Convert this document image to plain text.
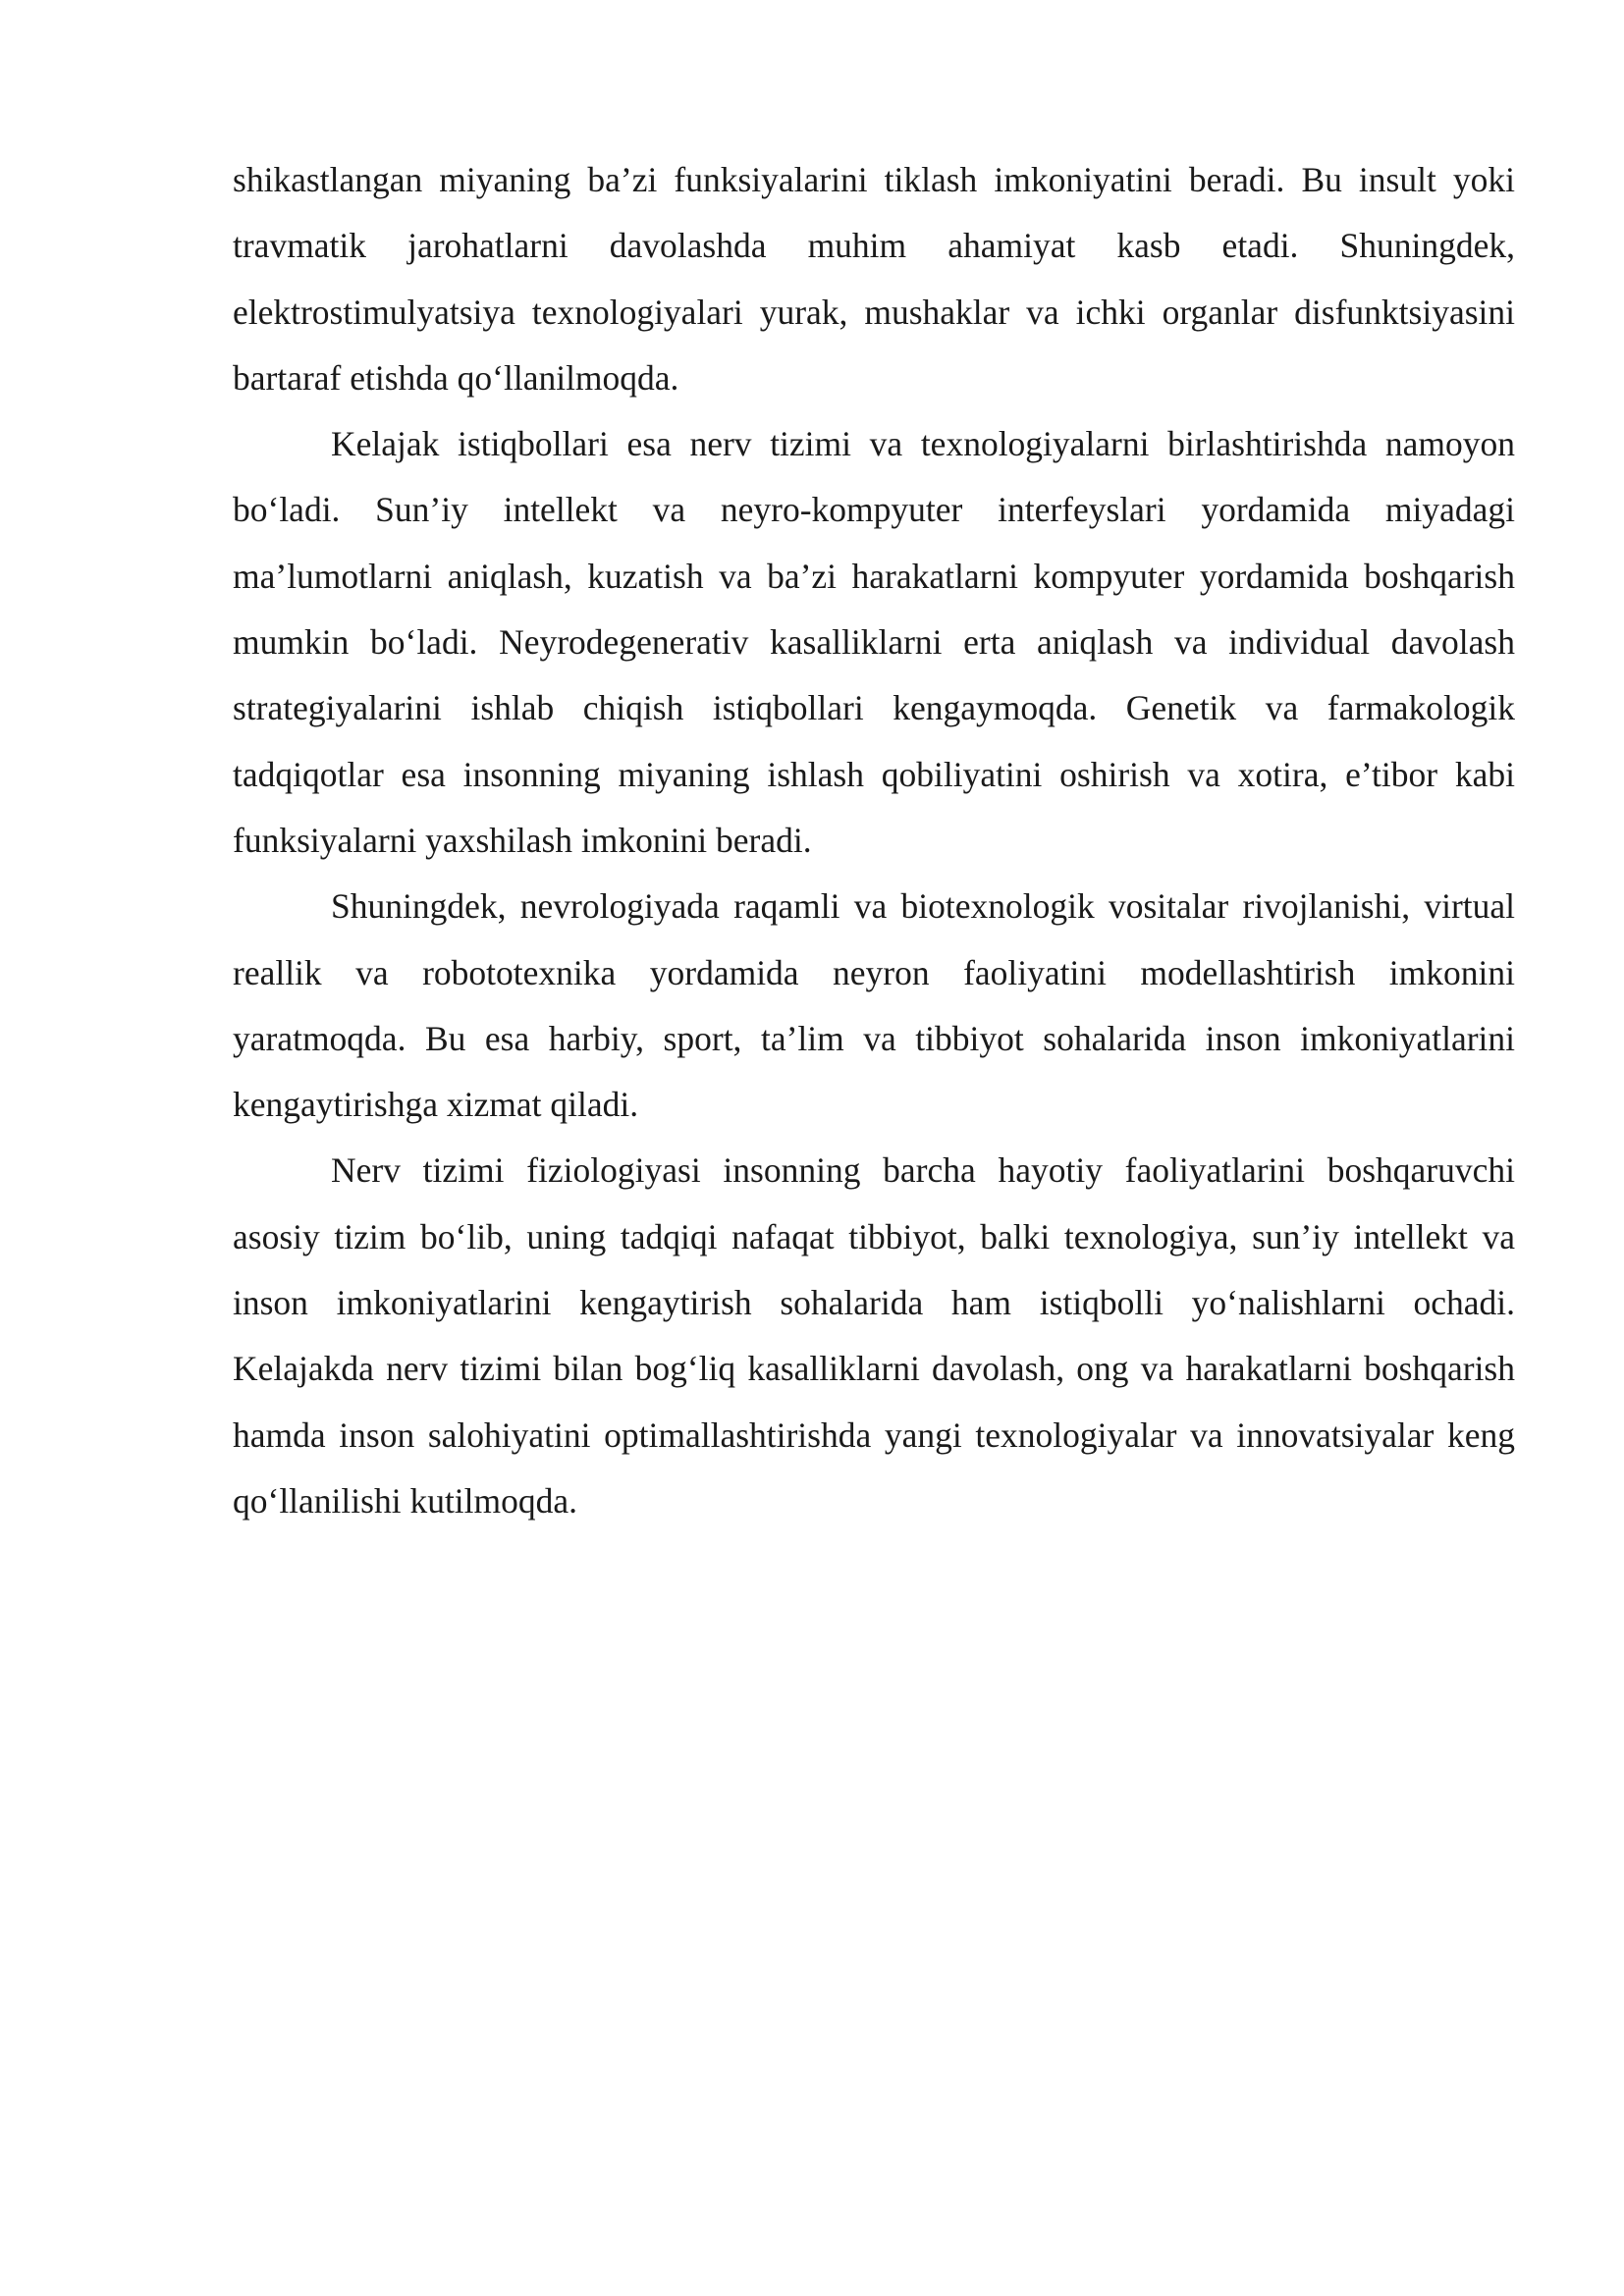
shikastlangan miyaning ba’zi funksiyalarini tiklash imkoniyatini beradi. Bu insult yoki travmatik jarohatlarni davolashda muhim ahamiyat kasb etadi. Shuningdek, elektrostimulyatsiya texnologiyalari yurak, mushaklar va ichki organlar disfunktsiyasini bartaraf etishda qo‘llanilmoqda.

Kelajak istiqbollari esa nerv tizimi va texnologiyalarni birlashtirishda namoyon bo‘ladi. Sun’iy intellekt va neyro-kompyuter interfeyslari yordamida miyadagi ma’lumotlarni aniqlash, kuzatish va ba’zi harakatlarni kompyuter yordamida boshqarish mumkin bo‘ladi. Neyrodegenerativ kasalliklarni erta aniqlash va individual davolash strategiyalarini ishlab chiqish istiqbollari kengaymoqda. Genetik va farmakologik tadqiqotlar esa insonning miyaning ishlash qobiliyatini oshirish va xotira, e’tibor kabi funksiyalarni yaxshilash imkonini beradi.

Shuningdek, nevrologiyada raqamli va biotexnologik vositalar rivojlanishi, virtual reallik va robototexnika yordamida neyron faoliyatini modellashtirish imkonini yaratmoqda. Bu esa harbiy, sport, ta’lim va tibbiyot sohalarida inson imkoniyatlarini kengaytirishga xizmat qiladi.

Nerv tizimi fiziologiyasi insonning barcha hayotiy faoliyatlarini boshqaruvchi asosiy tizim bo‘lib, uning tadqiqi nafaqat tibbiyot, balki texnologiya, sun’iy intellekt va inson imkoniyatlarini kengaytirish sohalarida ham istiqbolli yo‘nalishlarni ochadi. Kelajakda nerv tizimi bilan bog‘liq kasalliklarni davolash, ong va harakatlarni boshqarish hamda inson salohiyatini optimallashtirishda yangi texnologiyalar va innovatsiyalar keng qo‘llanilishi kutilmoqda.
